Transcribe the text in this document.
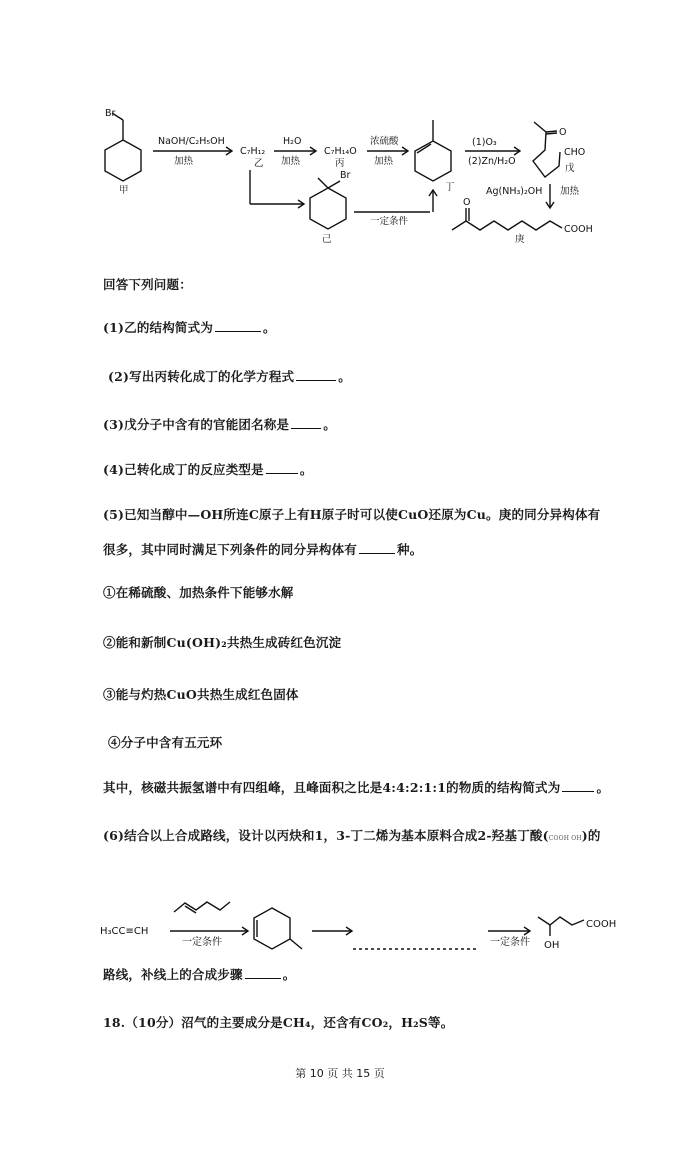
Br
甲
NaOH/C₂H₅OH
加热
C₇H₁₂
乙
H₂O
加热
C₇H₁₄O
丙
浓硫酸
加热
丁
(1)O₃
(2)Zn/H₂O
O
CHO
戊
Ag(NH₃)₂OH 加热
Br
己
一定条件
O
COOH
庚
回答下列问题：
(1)乙的结构简式为	。
(2)写出丙转化成丁的化学方程式	。
(3)戊分子中含有的官能团名称是	。
(4)己转化成丁的反应类型是	。
(5)已知当醇中—OH所连C原子上有H原子时可以使CuO还原为Cu。庚的同分异构体有
很多，其中同时满足下列条件的同分异构体有	种。
①在稀硫酸、加热条件下能够水解
②能和新制Cu(OH)₂共热生成砖红色沉淀
③能与灼热CuO共热生成红色固体
④分子中含有五元环
其中，核磁共振氢谱中有四组峰，且峰面积之比是4:4:2:1:1的物质的结构简式为	。
(6)结合以上合成路线，设计以丙炔和1，3-丁二烯为基本原料合成2-羟基丁酸(COOH OH)的
H₃CC≡CH
一定条件	一定条件
COOH
OH
路线，补线上的合成步骤	。
18.（10分）沼气的主要成分是CH₄，还含有CO₂，H₂S等。
第 10 页 共 15 页
